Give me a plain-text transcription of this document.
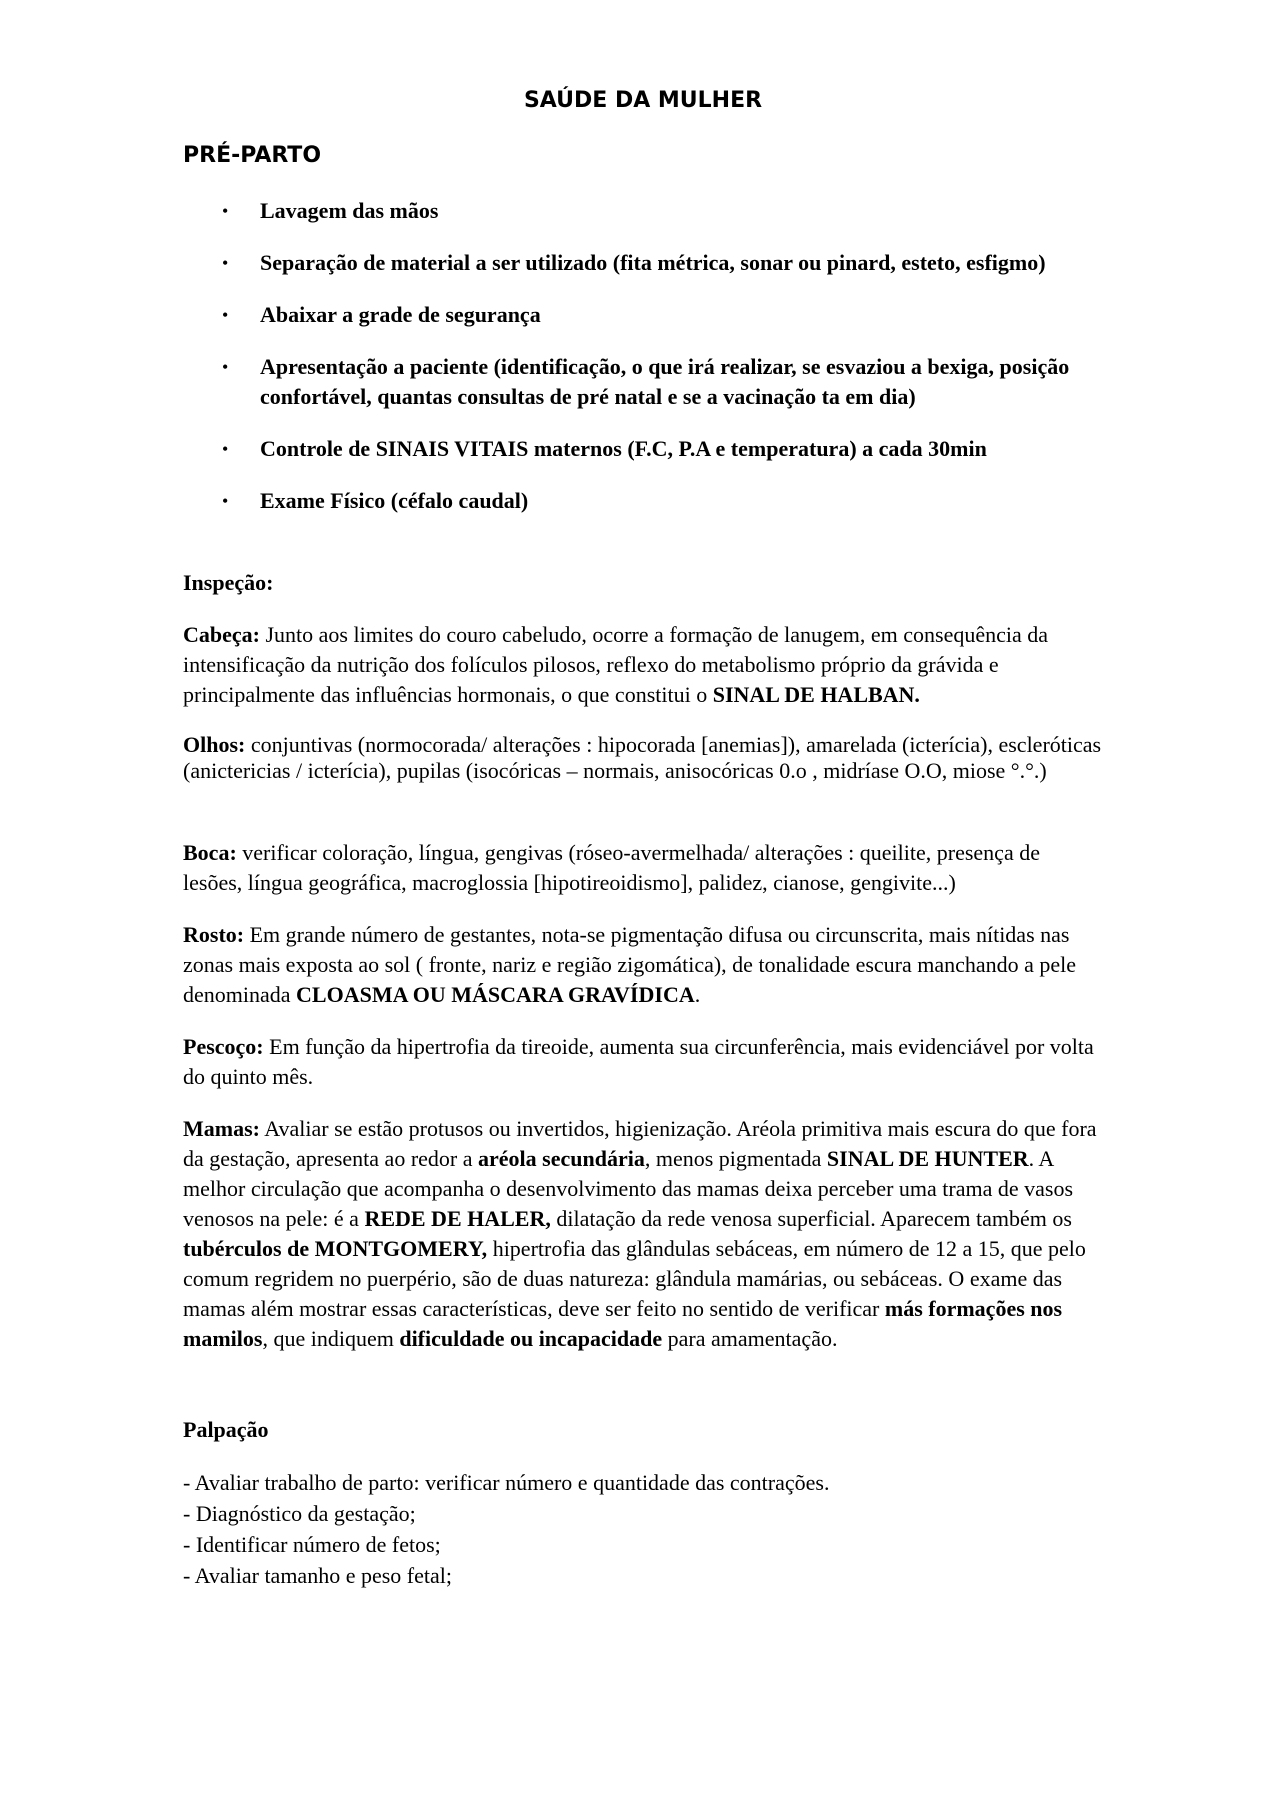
SAÚDE DA MULHER
PRÉ-PARTO
• Lavagem das mãos
• Separação de material a ser utilizado (fita métrica, sonar ou pinard, esteto, esfigmo)
• Abaixar a grade de segurança
• Apresentação a paciente (identificação, o que irá realizar, se esvaziou a bexiga, posição confortável, quantas consultas de pré natal e se a vacinação ta em dia)
• Controle de SINAIS VITAIS maternos (F.C, P.A e temperatura) a cada 30min
• Exame Físico (céfalo caudal)
Inspeção:

Cabeça: Junto aos limites do couro cabeludo, ocorre a formação de lanugem, em consequência da intensificação da nutrição dos folículos pilosos, reflexo do metabolismo próprio da grávida e principalmente das influências hormonais, o que constitui o SINAL DE HALBAN.

Olhos: conjuntivas (normocorada/ alterações : hipocorada [anemias]), amarelada (icterícia), escleróticas (anictericias / icterícia), pupilas (isocóricas – normais, anisocóricas 0.o , midríase O.O, miose °.°.)

Boca: verificar coloração, língua, gengivas (róseo-avermelhada/ alterações : queilite, presença de lesões, língua geográfica, macroglossia [hipotireoidismo], palidez, cianose, gengivite...)

Rosto: Em grande número de gestantes, nota-se pigmentação difusa ou circunscrita, mais nítidas nas zonas mais exposta ao sol ( fronte, nariz e região zigomática), de tonalidade escura manchando a pele denominada CLOASMA OU MÁSCARA GRAVÍDICA.

Pescoço: Em função da hipertrofia da tireoide, aumenta sua circunferência, mais evidenciável por volta do quinto mês.

Mamas: Avaliar se estão protusos ou invertidos, higienização. Aréola primitiva mais escura do que fora da gestação, apresenta ao redor a aréola secundária, menos pigmentada SINAL DE HUNTER. A melhor circulação que acompanha o desenvolvimento das mamas deixa perceber uma trama de vasos venosos na pele: é a REDE DE HALER, dilatação da rede venosa superficial. Aparecem também os tubérculos de MONTGOMERY, hipertrofia das glândulas sebáceas, em número de 12 a 15, que pelo comum regridem no puerpério, são de duas natureza: glândula mamárias, ou sebáceas. O exame das mamas além mostrar essas características, deve ser feito no sentido de verificar más formações nos mamilos, que indiquem dificuldade ou incapacidade para amamentação.

Palpação
- Avaliar trabalho de parto: verificar número e quantidade das contrações.
- Diagnóstico da gestação;
- Identificar número de fetos;
- Avaliar tamanho e peso fetal;
